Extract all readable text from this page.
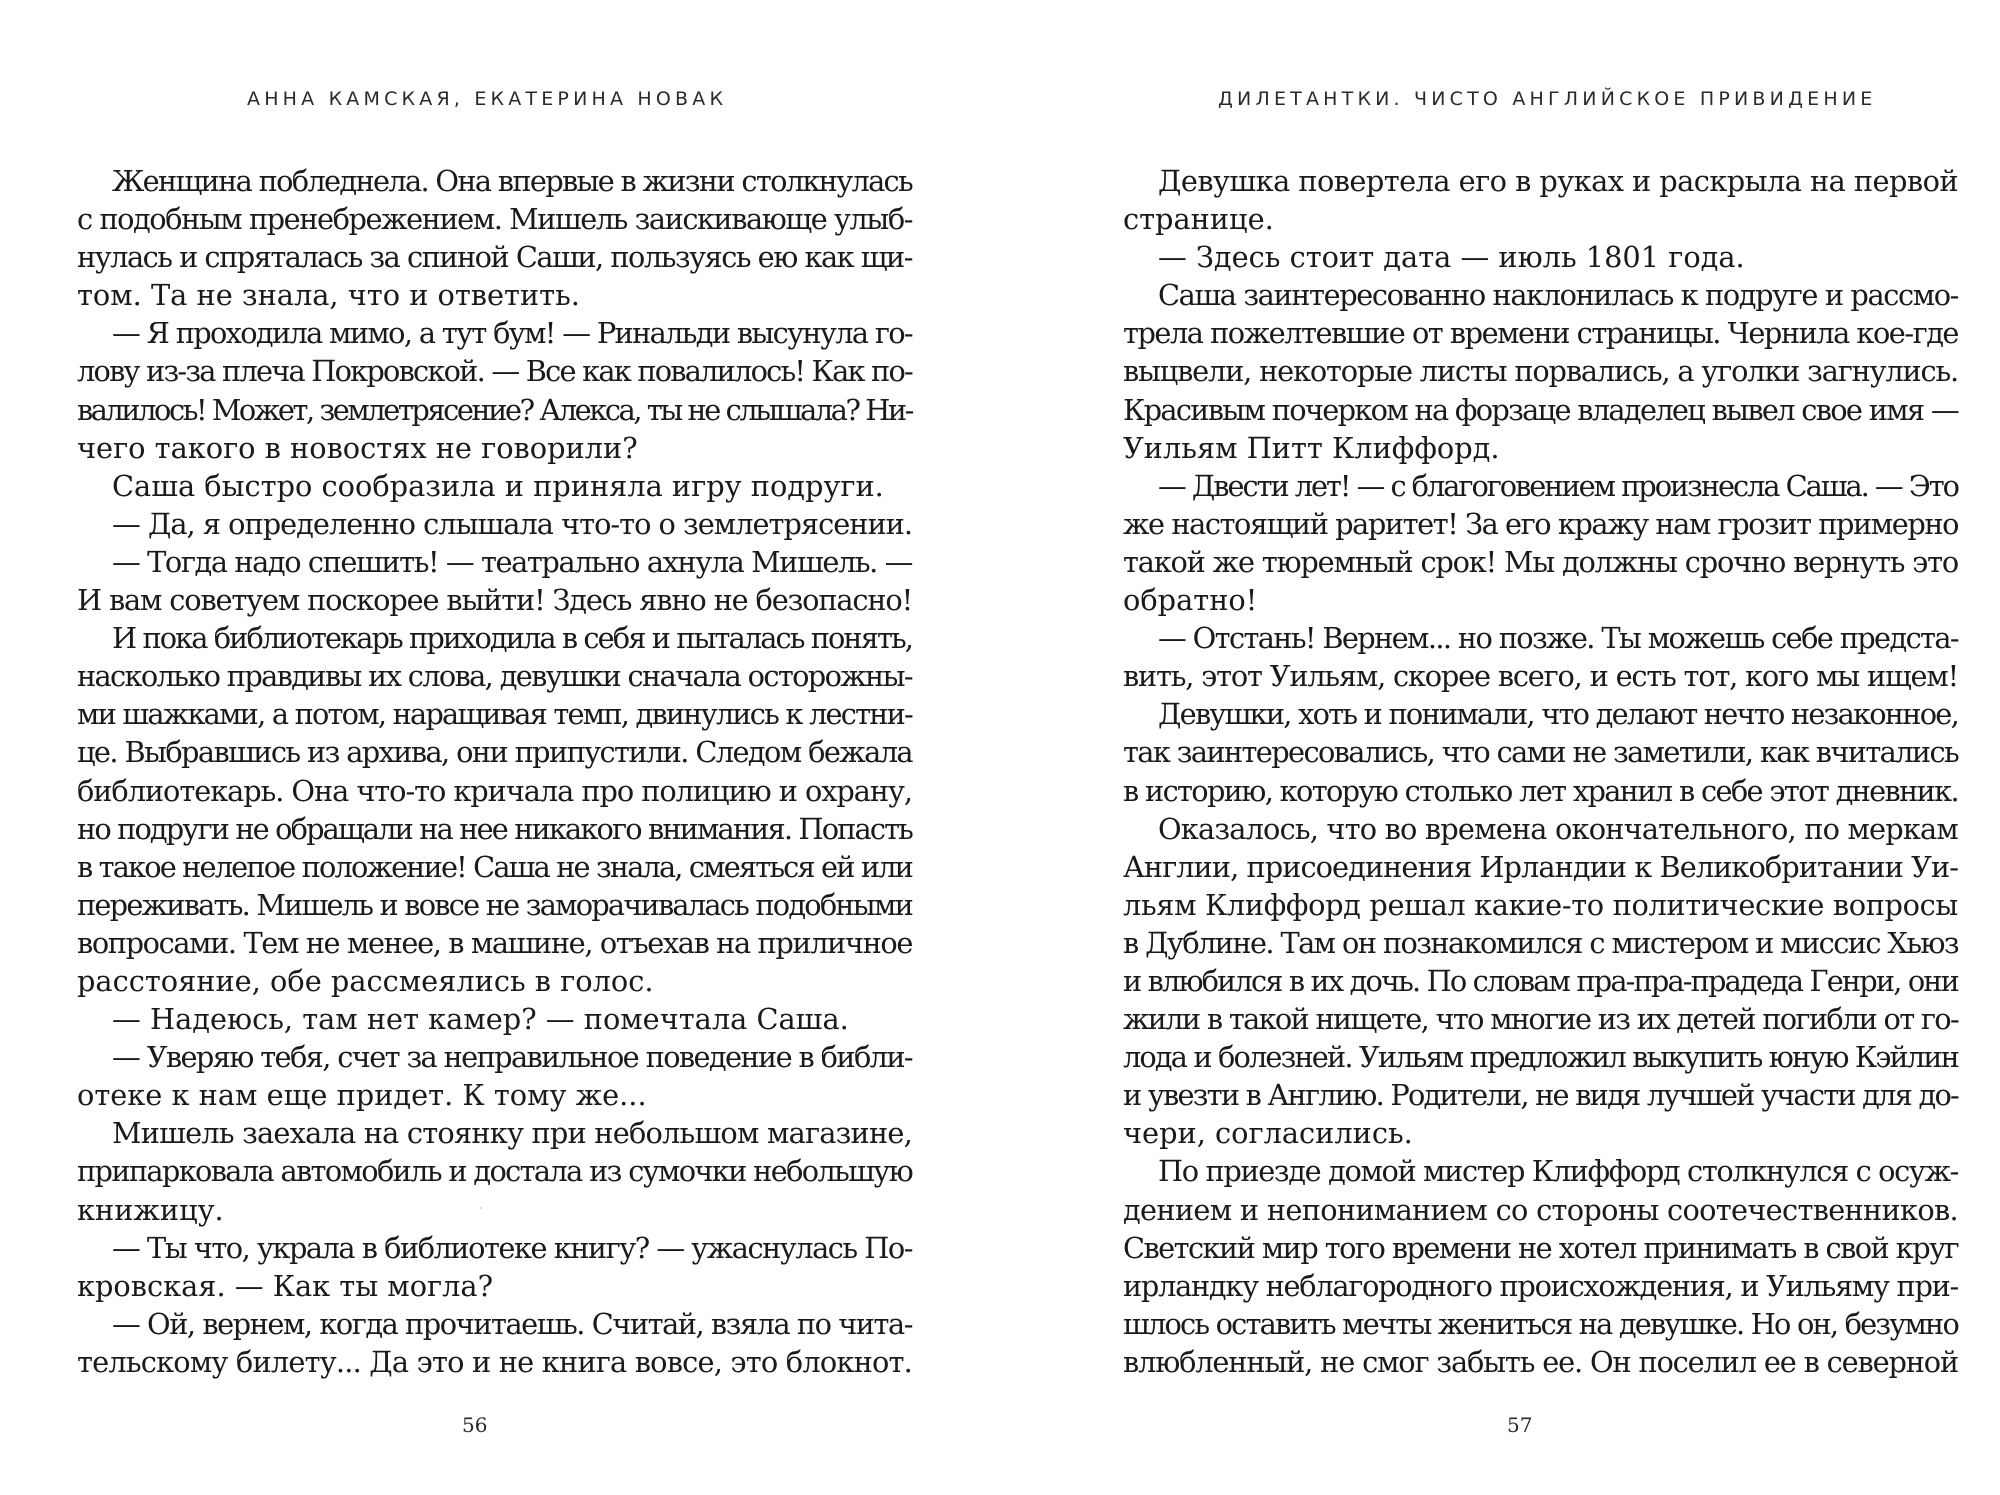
АННА КАМСКАЯ, ЕКАТЕРИНА НОВАК
Женщина побледнела. Она впервые в жизни столкнулась
с подобным пренебрежением. Мишель заискивающе улыб-
нулась и спряталась за спиной Саши, пользуясь ею как щи-
том. Та не знала, что и ответить.
— Я проходила мимо, а тут бум! — Ринальди высунула го-
лову из-за плеча Покровской. — Все как повалилось! Как по-
валилось! Может, землетрясение? Алекса, ты не слышала? Ни-
чего такого в новостях не говорили?
Саша быстро сообразила и приняла игру подруги.
— Да, я определенно слышала что-то о землетрясении.
— Тогда надо спешить! — театрально ахнула Мишель. —
И вам советуем поскорее выйти! Здесь явно не безопасно!
И пока библиотекарь приходила в себя и пыталась понять,
насколько правдивы их слова, девушки сначала осторожны-
ми шажками, а потом, наращивая темп, двинулись к лестни-
це. Выбравшись из архива, они припустили. Следом бежала
библиотекарь. Она что-то кричала про полицию и охрану,
но подруги не обращали на нее никакого внимания. Попасть
в такое нелепое положение! Саша не знала, смеяться ей или
переживать. Мишель и вовсе не заморачивалась подобными
вопросами. Тем не менее, в машине, отъехав на приличное
расстояние, обе рассмеялись в голос.
— Надеюсь, там нет камер? — помечтала Саша.
— Уверяю тебя, счет за неправильное поведение в библи-
отеке к нам еще придет. К тому же...
Мишель заехала на стоянку при небольшом магазине,
припарковала автомобиль и достала из сумочки небольшую
книжицу.
— Ты что, украла в библиотеке книгу? — ужаснулась По-
кровская. — Как ты могла?
— Ой, вернем, когда прочитаешь. Считай, взяла по чита-
тельскому билету... Да это и не книга вовсе, это блокнот.
56
ДИЛЕТАНТКИ. ЧИСТО АНГЛИЙСКОЕ ПРИВИДЕНИЕ
Девушка повертела его в руках и раскрыла на первой
странице.
— Здесь стоит дата — июль 1801 года.
Саша заинтересованно наклонилась к подруге и рассмо-
трела пожелтевшие от времени страницы. Чернила кое-где
выцвели, некоторые листы порвались, а уголки загнулись.
Красивым почерком на форзаце владелец вывел свое имя —
Уильям Питт Клиффорд.
— Двести лет! — с благоговением произнесла Саша. — Это
же настоящий раритет! За его кражу нам грозит примерно
такой же тюремный срок! Мы должны срочно вернуть это
обратно!
— Отстань! Вернем... но позже. Ты можешь себе предста-
вить, этот Уильям, скорее всего, и есть тот, кого мы ищем!
Девушки, хоть и понимали, что делают нечто незаконное,
так заинтересовались, что сами не заметили, как вчитались
в историю, которую столько лет хранил в себе этот дневник.
Оказалось, что во времена окончательного, по меркам
Англии, присоединения Ирландии к Великобритании Уи-
льям Клиффорд решал какие-то политические вопросы
в Дублине. Там он познакомился с мистером и миссис Хьюз
и влюбился в их дочь. По словам пра-пра-прадеда Генри, они
жили в такой нищете, что многие из их детей погибли от го-
лода и болезней. Уильям предложил выкупить юную Кэйлин
и увезти в Англию. Родители, не видя лучшей участи для до-
чери, согласились.
По приезде домой мистер Клиффорд столкнулся с осуж-
дением и непониманием со стороны соотечественников.
Светский мир того времени не хотел принимать в свой круг
ирландку неблагородного происхождения, и Уильяму при-
шлось оставить мечты жениться на девушке. Но он, безумно
влюбленный, не смог забыть ее. Он поселил ее в северной
57
